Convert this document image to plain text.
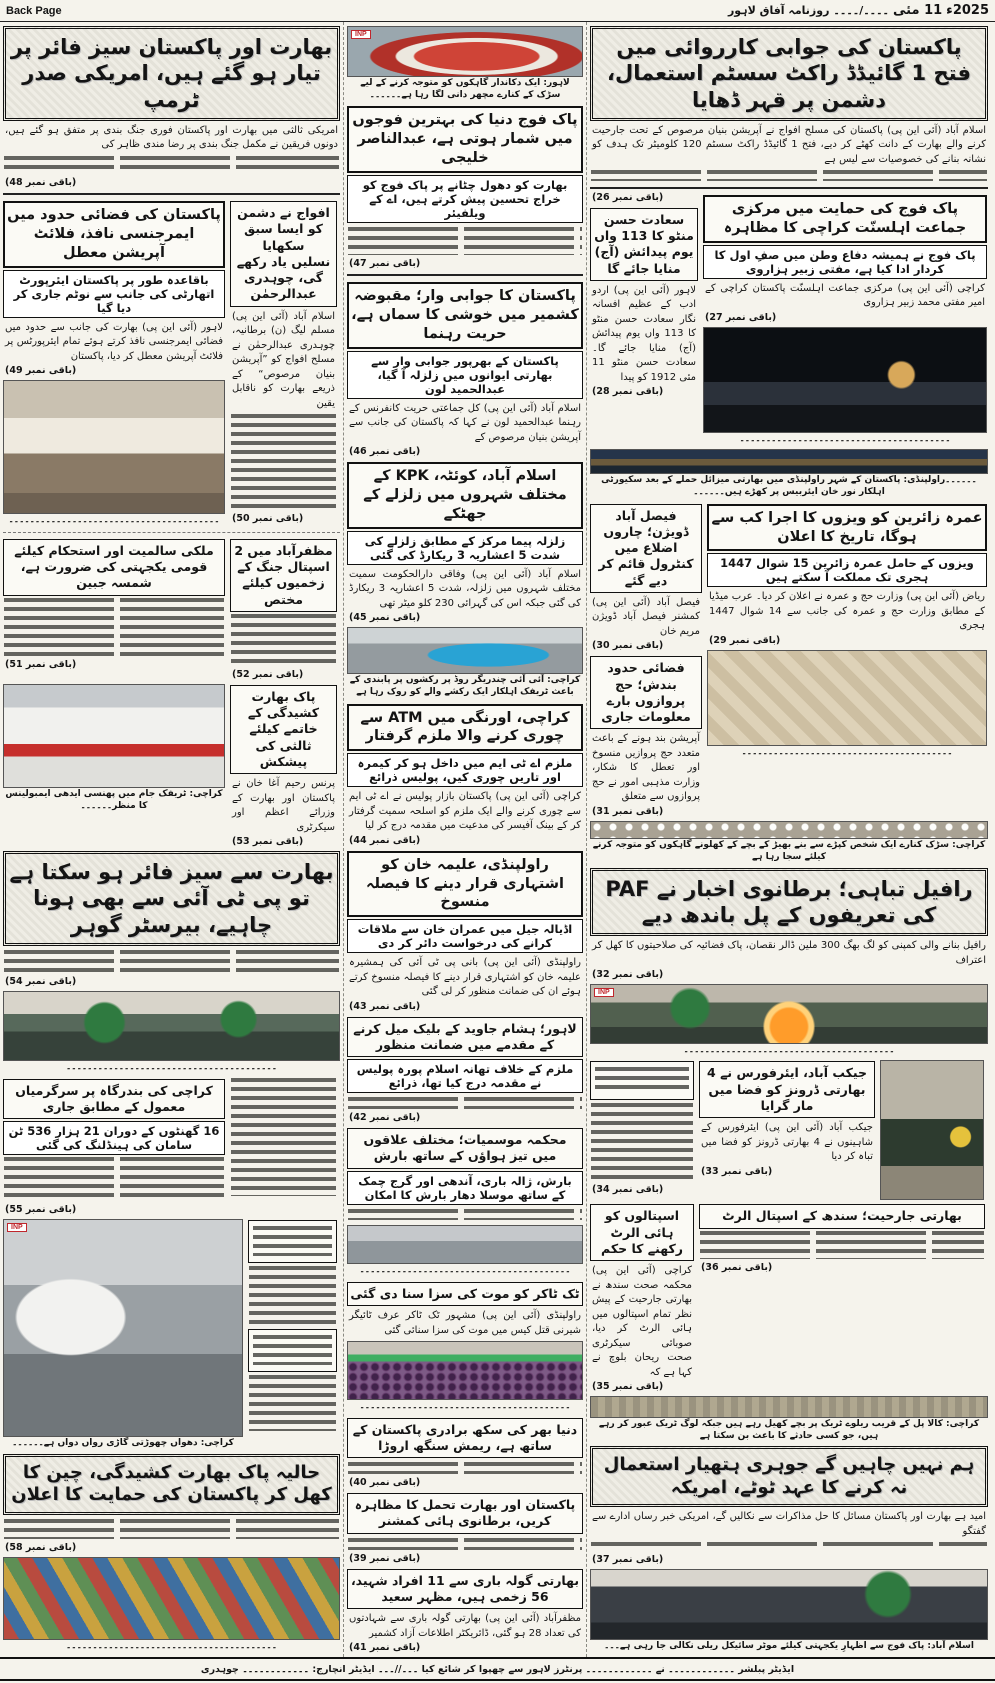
Back Page	2025ء
11 مئی
۔۔۔۔/۔۔۔۔
روزنامہ آفاق لاہور
بھارت اور پاکستان سیز فائر پر تیار ہو گئے ہیں، امریکی صدر ٹرمپ

امریکی ثالثی میں بھارت اور پاکستان فوری جنگ بندی پر متفق ہو گئے ہیں، دونوں فریقین نے مکمل جنگ بندی پر رضا مندی ظاہر کی

(باقی نمبر 48)
پاکستان کی فضائی حدود میں ایمرجنسی نافذ، فلائٹ آپریشن معطل
باقاعدہ طور پر پاکستان ایئرپورٹ اتھارٹی کی جانب سے نوٹم جاری کر دیا گیا

لاہور (آئی این پی) بھارت کی جانب سے حدود میں فضائی ایمرجنسی نافذ کرتے ہوئے تمام ایئرپورٹس پر فلائٹ آپریشن معطل کر دیا، پاکستان

(باقی نمبر 49)
۔۔۔۔۔۔۔۔۔۔۔۔۔۔۔۔۔۔۔۔۔۔۔۔۔۔۔۔۔۔۔۔۔۔۔۔۔۔۔۔
افواج نے دشمن کو ایسا سبق سکھایا
نسلیں یاد رکھے گی، چوہدری عبدالرحمٰن

اسلام آباد (آئی این پی) مسلم لیگ (ن) برطانیہ، چوہدری عبدالرحمٰن نے مسلح افواج کو ”آپریشن بنیان مرصوص“ کے ذریعے بھارت کو ناقابل یقین

(باقی نمبر 50)
ملکی سالمیت اور استحکام کیلئے قومی یکجہتی کی ضرورت ہے، شمسہ جبین
(باقی نمبر 51)
مظفرآباد میں 2 اسپتال جنگ کے زخمیوں کیلئے مختص
(باقی نمبر 52)
کراچی: ٹریفک جام میں پھنسی ایدھی ایمبولینس کا منظر۔۔۔۔۔۔
پاک بھارت کشیدگی کے خاتمے کیلئے ثالثی کی پیشکش

پرنس رحیم آغا خان نے پاکستان اور بھارت کے وزرائے اعظم اور سیکرٹری

(باقی نمبر 53)
بھارت سے سیز فائر ہو سکتا ہے تو پی ٹی آئی سے بھی ہونا چاہیے، بیرسٹر گوہر
(باقی نمبر 54)
۔۔۔۔۔۔۔۔۔۔۔۔۔۔۔۔۔۔۔۔۔۔۔۔۔۔۔۔۔۔۔۔۔۔۔۔۔۔۔۔
کراچی کی بندرگاہ پر سرگرمیاں معمول کے مطابق جاری
16 گھنٹوں کے دوران 21 ہزار 536 ٹن سامان کی ہینڈلنگ کی گئی
(باقی نمبر 55)
INP
کراچی: دھواں چھوڑتی گاڑی رواں دواں ہے۔۔۔۔۔۔
حالیہ پاک بھارت کشیدگی، چین کا کھل کر پاکستان کی حمایت کا اعلان
(باقی نمبر 58)
۔۔۔۔۔۔۔۔۔۔۔۔۔۔۔۔۔۔۔۔۔۔۔۔۔۔۔۔۔۔۔۔۔۔۔۔۔۔۔۔
INP
لاہور: ایک دکاندار گاہکوں کو متوجہ کرنے کے لیے سڑک کے کنارے مچھر دانی لگا رہا ہے۔۔۔۔۔۔
پاک فوج دنیا کی بہترین فوجوں میں شمار ہوتی ہے، عبدالناصر خلیجی
بھارت کو دھول چٹانے پر پاک فوج کو خراج تحسین پیش کرتے ہیں، اے کے ویلفیئر
(باقی نمبر 47)
پاکستان کا جوابی وار؛ مقبوضہ کشمیر میں خوشی کا سماں ہے، حریت رہنما
پاکستان کے بھرپور جوابی وار سے بھارتی ایوانوں میں زلزلہ آ گیا، عبدالحمید لون

اسلام آباد (آئی این پی) کل جماعتی حریت کانفرنس کے رہنما عبدالحمید لون نے کہا کہ پاکستان کی جانب سے آپریشن بنیان مرصوص کے

(باقی نمبر 46)
اسلام آباد، کوئٹہ، KPK کے مختلف شہروں میں زلزلے کے جھٹکے
زلزلہ پیما مرکز کے مطابق زلزلے کی شدت 5 اعشاریہ 3 ریکارڈ کی گئی

اسلام آباد (آئی این پی) وفاقی دارالحکومت سمیت مختلف شہروں میں زلزلہ، شدت 5 اعشاریہ 3 ریکارڈ کی گئی جبکہ اس کی گہرائی 230 کلو میٹر تھی

(باقی نمبر 45)
کراچی: آئی آئی چندریگر روڈ پر رکشوں پر پابندی کے باعث ٹریفک اہلکار ایک رکشے والے کو روک رہا ہے
کراچی، اورنگی میں ATM سے چوری کرنے والا ملزم گرفتار
ملزم اے ٹی ایم میں داخل ہو کر کیمرہ اور تاریں چوری کیں، پولیس ذرائع

کراچی (آئی این پی) پاکستان بازار پولیس نے اے ٹی ایم سے چوری کرنے والے ایک ملزم کو اسلحہ سمیت گرفتار کر کے بینک آفیسر کی مدعیت میں مقدمہ درج کر لیا

(باقی نمبر 44)
راولپنڈی، علیمہ خان کو اشتہاری قرار دینے کا فیصلہ منسوخ
اڈیالہ جیل میں عمران خان سے ملاقات کرانے کی درخواست دائر کر دی

راولپنڈی (آئی این پی) بانی پی ٹی آئی کی ہمشیرہ علیمہ خان کو اشتہاری قرار دینے کا فیصلہ منسوخ کرتے ہوئے ان کی ضمانت منظور کر لی گئی

(باقی نمبر 43)
لاہور؛ ہشام جاوید کے بلیک میل کرنے کے مقدمے میں ضمانت منظور
ملزم کے خلاف تھانہ اسلام پورہ پولیس نے مقدمہ درج کیا تھا، ذرائع
(باقی نمبر 42)
محکمہ موسمیات؛ مختلف علاقوں میں تیز ہواؤں کے ساتھ بارش
بارش، ژالہ باری، آندھی اور گرج چمک کے ساتھ موسلا دھار بارش کا امکان
۔۔۔۔۔۔۔۔۔۔۔۔۔۔۔۔۔۔۔۔۔۔۔۔۔۔۔۔۔۔۔۔۔۔۔۔۔۔۔۔
ٹک ٹاکر کو موت کی سزا سنا دی گئی

راولپنڈی (آئی این پی) مشہور ٹک ٹاکر عرف ٹائیگر شیرنی قتل کیس میں موت کی سزا سنائی گئی

۔۔۔۔۔۔۔۔۔۔۔۔۔۔۔۔۔۔۔۔۔۔۔۔۔۔۔۔۔۔۔۔۔۔۔۔۔۔۔۔
دنیا بھر کی سکھ برادری پاکستان کے ساتھ ہے، ریمش سنگھ اروڑا
(باقی نمبر 40)
پاکستان اور بھارت تحمل کا مظاہرہ کریں، برطانوی ہائی کمشنر
(باقی نمبر 39)
بھارتی گولہ باری سے 11 افراد شہید، 56 زخمی ہیں، مظہر سعید

مظفرآباد (آئی این پی) بھارتی گولہ باری سے شہادتوں کی تعداد 28 ہو گئی، ڈائریکٹر اطلاعات آزاد کشمیر

(باقی نمبر 41)
پاکستان کی جوابی کارروائی میں فتح 1 گائیڈڈ راکٹ سسٹم استعمال، دشمن پر قہر ڈھایا

اسلام آباد (آئی این پی) پاکستان کی مسلح افواج نے آپریشن بنیان مرصوص کے تحت جارحیت کرنے والے بھارت کے دانت کھٹے کر دیے، فتح 1 گائیڈڈ راکٹ سسٹم 120 کلومیٹر تک ہدف کو نشانہ بنانے کی خصوصیات سے لیس ہے

(باقی نمبر 26)
سعادت حسن منٹو کا 113 واں یوم پیدائش (آج) منایا جائے گا

لاہور (آئی این پی) اردو ادب کے عظیم افسانہ نگار سعادت حسن منٹو کا 113 واں یوم پیدائش (آج) منایا جائے گا۔ سعادت حسن منٹو 11 مئی 1912 کو پیدا

(باقی نمبر 28)
پاک فوج کی حمایت میں مرکزی جماعت اہلسنّت کراچی کا مظاہرہ
پاک فوج نے ہمیشہ دفاع وطن میں صفِ اول کا کردار ادا کیا ہے، مفتی زبیر ہزاروی

کراچی (آئی این پی) مرکزی جماعت اہلسنّت پاکستان کراچی کے امیر مفتی محمد زبیر ہزاروی

(باقی نمبر 27)
۔۔۔۔۔۔۔۔۔۔۔۔۔۔۔۔۔۔۔۔۔۔۔۔۔۔۔۔۔۔۔۔۔۔۔۔۔۔۔۔
۔۔۔۔۔۔راولپنڈی: پاکستان کے شہر راولپنڈی میں بھارتی میزائل حملے کے بعد سکیورٹی اہلکار نور خان ایئربیس پر کھڑے ہیں۔۔۔۔۔۔
فیصل آباد ڈویژن؛ چاروں اضلاع میں کنٹرول قائم کر دیے گئے

فیصل آباد (آئی این پی) کمشنر فیصل آباد ڈویژن مریم خان

(باقی نمبر 30)
فضائی حدود بندش؛ حج پروازوں بارے معلومات جاری

آپریشن بند ہونے کے باعث متعدد حج پروازیں منسوخ اور تعطل کا شکار، وزارت مذہبی امور نے حج پروازوں سے متعلق

(باقی نمبر 31)
عمرہ زائرین کو ویزوں کا اجرا کب سے ہوگا، تاریخ کا اعلان
ویزوں کے حامل عمرہ زائرین 15 شوال 1447 ہجری تک مملکت آ سکتے ہیں

ریاض (آئی این پی) وزارت حج و عمرہ نے اعلان کر دیا۔ عرب میڈیا کے مطابق وزارت حج و عمرہ کی جانب سے 14 شوال 1447 ہجری

(باقی نمبر 29)
۔۔۔۔۔۔۔۔۔۔۔۔۔۔۔۔۔۔۔۔۔۔۔۔۔۔۔۔۔۔۔۔۔۔۔۔۔۔۔۔
کراچی: سڑک کنارے ایک شخص کپڑے سے بنے بھیڑ کے بچے کے کھلونے گاہکوں کو متوجہ کرنے کیلئے سجا رہا ہے
رافیل تباہی؛ برطانوی اخبار نے PAF کی تعریفوں کے پل باندھ دیے

رافیل بنانے والی کمپنی کو لگ بھگ 300 ملین ڈالر نقصان، پاک فضائیہ کی صلاحیتوں کا کھل کر اعتراف

(باقی نمبر 32)
INP
۔۔۔۔۔۔۔۔۔۔۔۔۔۔۔۔۔۔۔۔۔۔۔۔۔۔۔۔۔۔۔۔۔۔۔۔۔۔۔۔
(باقی نمبر 34)
جیکب آباد، ایئرفورس نے 4 بھارتی ڈرونز کو فضا میں مار گرایا

جیکب آباد (آئی این پی) ایئرفورس کے شاہینوں نے 4 بھارتی ڈرونز کو فضا میں تباہ کر دیا

(باقی نمبر 33)
اسپتالوں کو ہائی الرٹ رکھنے کا حکم

کراچی (آئی این پی) محکمہ صحت سندھ نے بھارتی جارحیت کے پیش نظر تمام اسپتالوں میں ہائی الرٹ کر دیا، صوبائی سیکرٹری صحت ریحان بلوچ نے کہا ہے کہ

(باقی نمبر 35)
بھارتی جارحیت؛ سندھ کے اسپتال الرٹ
(باقی نمبر 36)
کراچی: کالا پل کے قریب ریلوے ٹریک پر بچے کھیل رہے ہیں جبکہ لوگ ٹریک عبور کر رہے ہیں، جو کسی حادثے کا باعث بن سکتا ہے
ہم نہیں چاہیں گے جوہری ہتھیار استعمال نہ کرنے کا عہد ٹوٹے، امریکہ

امید ہے بھارت اور پاکستان مسائل کا حل مذاکرات سے نکالیں گے، امریکی خبر رساں ادارے سے گفتگو

(باقی نمبر 37)
اسلام آباد: پاک فوج سے اظہارِ یکجہتی کیلئے موٹر سائیکل ریلی نکالی جا رہی ہے۔۔۔
ایڈیٹر پبلشر ۔۔۔۔۔۔۔۔۔۔۔۔ نے ۔۔۔۔۔۔۔۔۔۔۔۔ پرنٹرز لاہور سے چھپوا کر شائع کیا ۔۔۔//۔۔۔ ایڈیٹر انچارج: ۔۔۔۔۔۔۔۔۔۔۔۔ چوہدری
